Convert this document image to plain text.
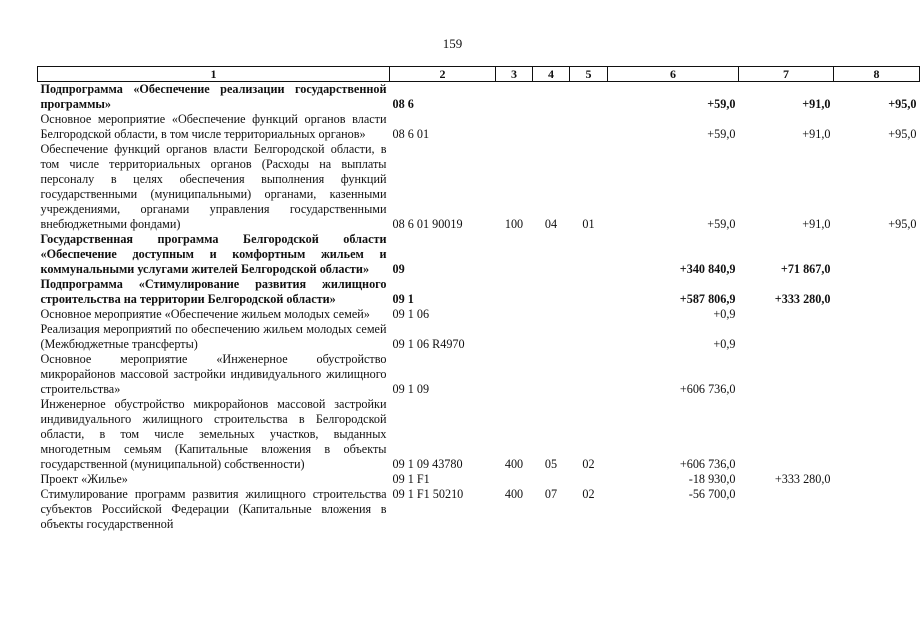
159
1	2	3	4	5	6	7	8
Подпрограмма «Обеспечение реализации государственной программы»	08 6				+59,0	+91,0	+95,0
Основное мероприятие «Обеспечение функций органов власти Белгородской области, в том числе территориальных органов»	08 6 01				+59,0	+91,0	+95,0
Обеспечение функций органов власти Белгородской области, в том числе территориальных органов (Расходы на выплаты персоналу в целях обеспечения выполнения функций государственными (муниципальными) органами, казенными учреждениями, органами управления государственными внебюджетными фондами)	08 6 01 90019	100	04	01	+59,0	+91,0	+95,0
Государственная программа Белгородской области «Обеспечение доступным и комфортным жильем и коммунальными услугами жителей Белгородской области»	09				+340 840,9	+71 867,0	
Подпрограмма «Стимулирование развития жилищного строительства на территории Белгородской области»	09 1				+587 806,9	+333 280,0	
Основное мероприятие «Обеспечение жильем молодых семей»	09 1 06				+0,9		
Реализация мероприятий по обеспечению жильем молодых семей (Межбюджетные трансферты)	09 1 06 R4970				+0,9		
Основное мероприятие «Инженерное обустройство микрорайонов массовой застройки индивидуального жилищного строительства»	09 1 09				+606 736,0		
Инженерное обустройство микрорайонов массовой застройки индивидуального жилищного строительства в Белгородской области, в том числе земельных участков, выданных многодетным семьям (Капитальные вложения в объекты государственной (муниципальной) собственности)	09 1 09 43780	400	05	02	+606 736,0		
Проект «Жилье»	09 1 F1				-18 930,0	+333 280,0	
Стимулирование программ развития жилищного строительства субъектов Российской Федерации (Капитальные вложения в объекты государственной	09 1 F1 50210	400	07	02	-56 700,0		
